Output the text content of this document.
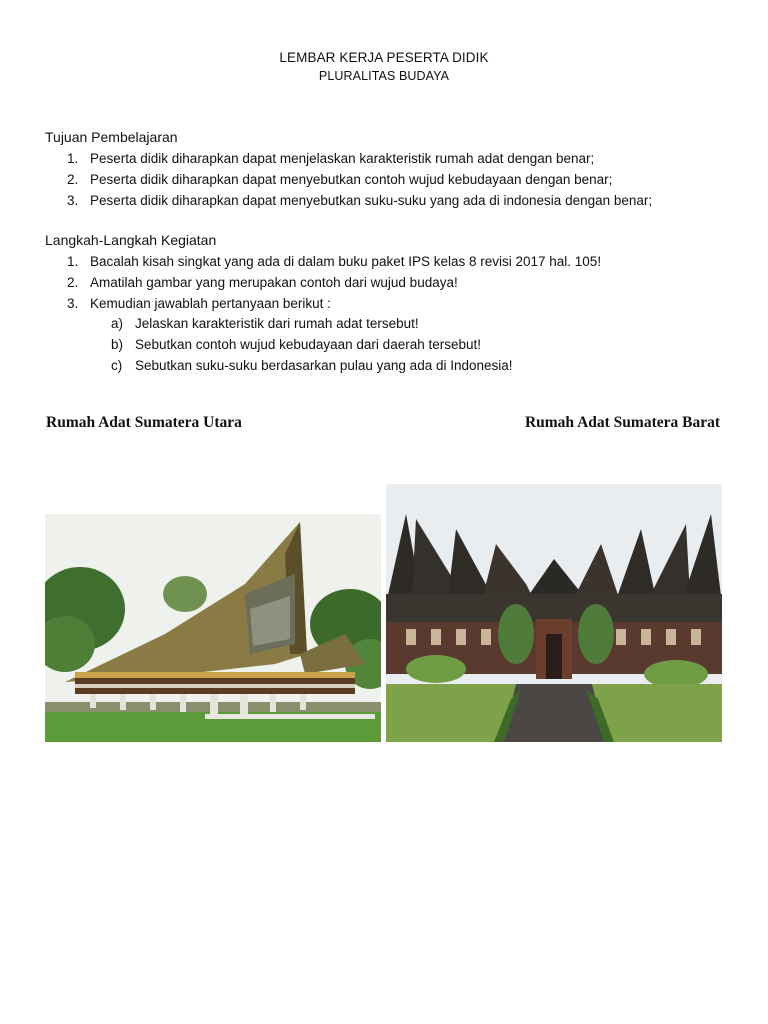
LEMBAR KERJA PESERTA DIDIK
PLURALITAS BUDAYA
Tujuan Pembelajaran
1. Peserta didik diharapkan dapat menjelaskan karakteristik rumah adat dengan benar;
2. Peserta didik diharapkan dapat menyebutkan contoh wujud kebudayaan dengan benar;
3. Peserta didik diharapkan dapat menyebutkan suku-suku yang ada di indonesia dengan benar;
Langkah-Langkah Kegiatan
1. Bacalah kisah singkat yang ada di dalam buku paket IPS kelas 8 revisi 2017 hal. 105!
2. Amatilah gambar yang merupakan contoh dari wujud budaya!
3. Kemudian jawablah pertanyaan berikut :
a) Jelaskan karakteristik dari rumah adat tersebut!
b) Sebutkan contoh wujud kebudayaan dari daerah tersebut!
c) Sebutkan suku-suku berdasarkan pulau yang ada di Indonesia!
Rumah Adat Sumatera Utara	Rumah Adat Sumatera Barat
